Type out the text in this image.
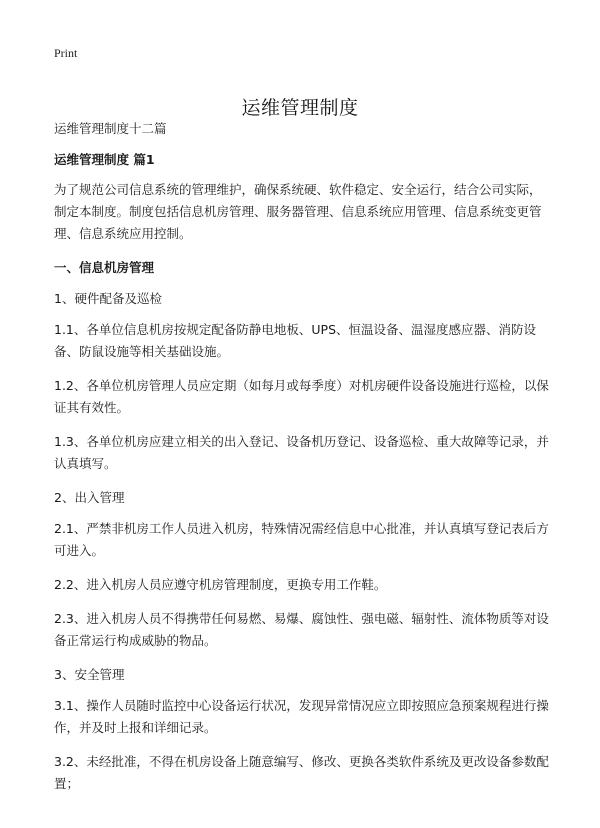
Print
运维管理制度

运维管理制度十二篇

运维管理制度 篇1

为了规范公司信息系统的管理维护，确保系统硬、软件稳定、安全运行，结合公司实际，制定本制度。制度包括信息机房管理、服务器管理、信息系统应用管理、信息系统变更管理、信息系统应用控制。

一、信息机房管理

1、硬件配备及巡检

1.1、各单位信息机房按规定配备防静电地板、UPS、恒温设备、温湿度感应器、消防设备、防鼠设施等相关基础设施。

1.2、各单位机房管理人员应定期（如每月或每季度）对机房硬件设备设施进行巡检，以保证其有效性。

1.3、各单位机房应建立相关的出入登记、设备机历登记、设备巡检、重大故障等记录，并认真填写。

2、出入管理

2.1、严禁非机房工作人员进入机房，特殊情况需经信息中心批准，并认真填写登记表后方可进入。

2.2、进入机房人员应遵守机房管理制度，更换专用工作鞋。

2.3、进入机房人员不得携带任何易燃、易爆、腐蚀性、强电磁、辐射性、流体物质等对设备正常运行构成威胁的物品。

3、安全管理

3.1、操作人员随时监控中心设备运行状况，发现异常情况应立即按照应急预案规程进行操作，并及时上报和详细记录。

3.2、未经批准，不得在机房设备上随意编写、修改、更换各类软件系统及更改设备参数配置；
